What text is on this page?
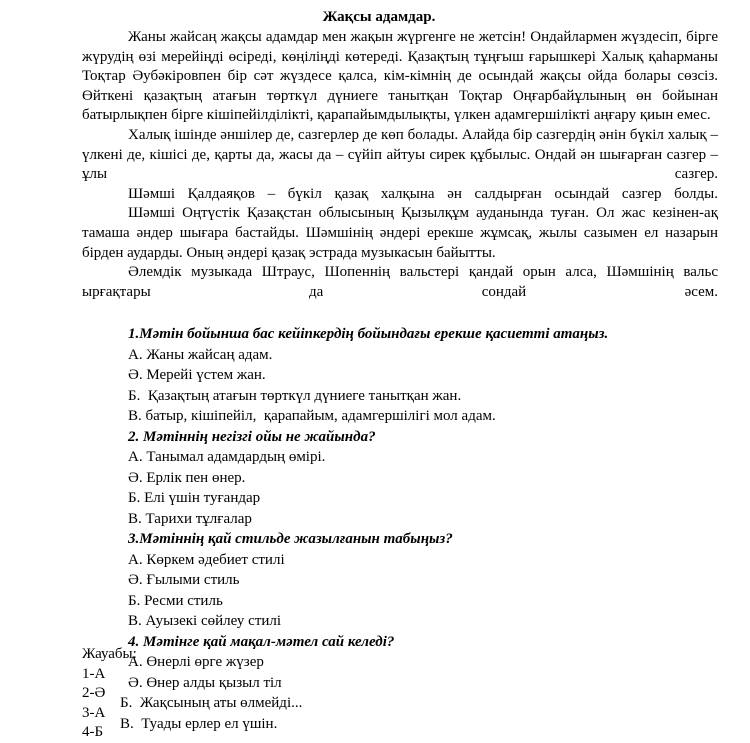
Жақсы адамдар.

Жаны жайсаң жақсы адамдар мен жақын жүргенге не жетсін! Ондайлармен жүздесіп, бірге жүрудің өзі мерейіңді өсіреді, көңіліңді көтереді. Қазақтың тұңғыш ғарышкері Халық қаһарманы Тоқтар Әубәкіровпен бір сәт жүздесе қалса, кім-кімнің де осындай жақсы ойда болары сөзсіз. Өйткені қазақтың атағын төрткүл дүниеге танытқан Тоқтар Оңғарбайұлының өн бойынан батырлықпен бірге кішіпейілділікті, қарапайымдылықты, үлкен адамгершілікті аңғару қиын емес.

Халық ішінде әншілер де, сазгерлер де көп болады. Алайда бір сазгердің әнін бүкіл халық – үлкені де, кішісі де, қарты да, жасы да – сүйіп айтуы сирек құбылыс. Ондай ән шығарған сазгер – ұлы сазгер.

Шәмші Қалдаяқов – бүкіл қазақ халқына ән салдырған осындай сазгер болды.

Шәмші Оңтүстік Қазақстан облысының Қызылқұм ауданында туған. Ол жас кезінен-ақ тамаша әндер шығара бастайды. Шәмшінің әндері ерекше жұмсақ, жылы сазымен ел назарын бірден аударды. Оның әндері қазақ эстрада музыкасын байытты.

Әлемдік музыкада Штраус, Шопеннің вальстері қандай орын алса, Шәмшінің вальс ырғақтары да сондай әсем.

1.Мәтін бойынша бас кейіпкердің бойындағы ерекше қасиетті атаңыз.

А. Жаны жайсаң адам.

Ә. Мерейі үстем жан.

Б.  Қазақтың атағын төрткүл дүниеге танытқан жан.

В. батыр, кішіпейіл,  қарапайым, адамгершілігі мол адам.

2. Мәтіннің негізгі ойы не жайында?

А. Танымал адамдардың өмірі.

Ә. Ерлік пен өнер.

Б. Елі үшін туғандар

В. Тарихи тұлғалар

3.Мәтіннің қай стильде жазылғанын табыңыз?

А. Көркем әдебиет стилі

Ә. Ғылыми стиль

Б. Ресми стиль

В. Ауызекі сөйлеу стилі

4. Мәтінге қай мақал-мәтел сай келеді?

А. Өнерлі өрге жүзер

Ә. Өнер алды қызыл тіл

Б.  Жақсының аты өлмейді...

В.  Туады ерлер ел үшін.

Жауабы:

1-А

2-Ә

3-А

4-Б
